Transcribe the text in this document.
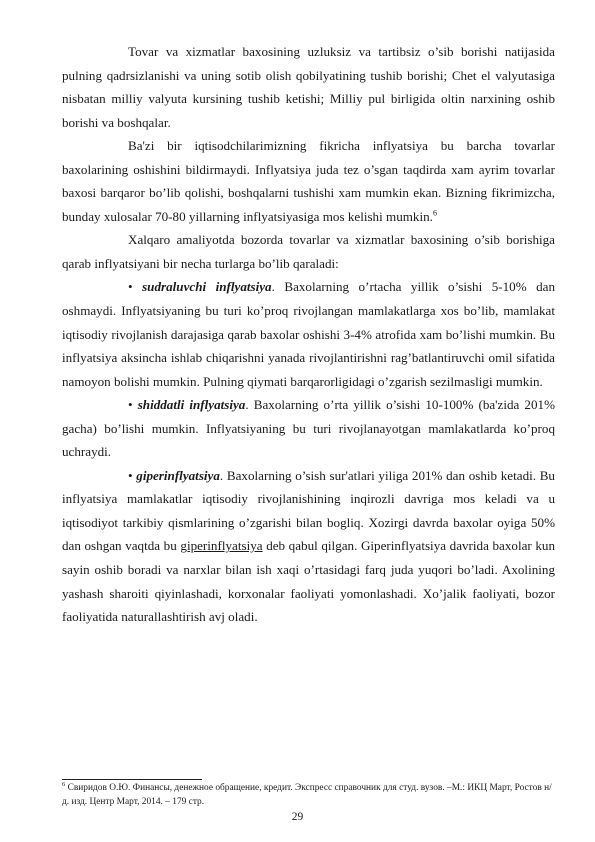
Tovar va xizmatlar baxosining uzluksiz va tartibsiz o’sib borishi natijasida pulning qadrsizlanishi va uning sotib olish qobilyatining tushib borishi; Chet el valyutasiga nisbatan milliy valyuta kursining tushib ketishi; Milliy pul birligida oltin narxining oshib borishi va boshqalar.

Ba'zi bir iqtisodchilarimizning fikricha inflyatsiya bu barcha tovarlar baxolarining oshishini bildirmaydi. Inflyatsiya juda tez o’sgan taqdirda xam ayrim tovarlar baxosi barqaror bo’lib qolishi, boshqalarni tushishi xam mumkin ekan. Bizning fikrimizcha, bunday xulosalar 70-80 yillarning inflyatsiyasiga mos kelishi mumkin.$^6$

Xalqaro amaliyotda bozorda tovarlar va xizmatlar baxosining o’sib borishiga qarab inflyatsiyani bir necha turlarga bo’lib qaraladi:

• sudraluvchi inflyatsiya. Baxolarning o’rtacha yillik o’sishi 5-10% dan oshmaydi. Inflyatsiyaning bu turi ko’proq rivojlangan mamlakatlarga xos bo’lib, mamlakat iqtisodiy rivojlanish darajasiga qarab baxolar oshishi 3-4% atrofida xam bo’lishi mumkin. Bu inflyatsiya aksincha ishlab chiqarishni yanada rivojlantirishni rag’batlantiruvchi omil sifatida namoyon bolishi mumkin. Pulning qiymati barqarorligidagi o’zgarish sezilmasligi mumkin.

• shiddatli inflyatsiya. Baxolarning o’rta yillik o’sishi 10-100% (ba'zida 201% gacha) bo’lishi mumkin. Inflyatsiyaning bu turi rivojlanayotgan mamlakatlarda ko’proq uchraydi.

• giperinflyatsiya. Baxolarning o’sish sur'atlari yiliga 201% dan oshib ketadi. Bu inflyatsiya mamlakatlar iqtisodiy rivojlanishining inqirozli davriga mos keladi va u iqtisodiyot tarkibiy qismlarining o’zgarishi bilan bogliq. Xozirgi davrda baxolar oyiga 50% dan oshgan vaqtda bu giperinflyatsiya deb qabul qilgan. Giperinflyatsiya davrida baxolar kun sayin oshib boradi va narxlar bilan ish xaqi o’rtasidagi farq juda yuqori bo’ladi. Axolining yashash sharoiti qiyinlashadi, korxonalar faoliyati yomonlashadi. Xo’jalik faoliyati, bozor faoliyatida naturallashtirish avj oladi.

$^6$ Свиридов О.Ю. Финансы, денежное обращение, кредит. Экспресс справочник для студ. вузов. –М.: ИКЦ Март, Ростов н/д. изд. Центр Март, 2014. – 179 стр.
29
